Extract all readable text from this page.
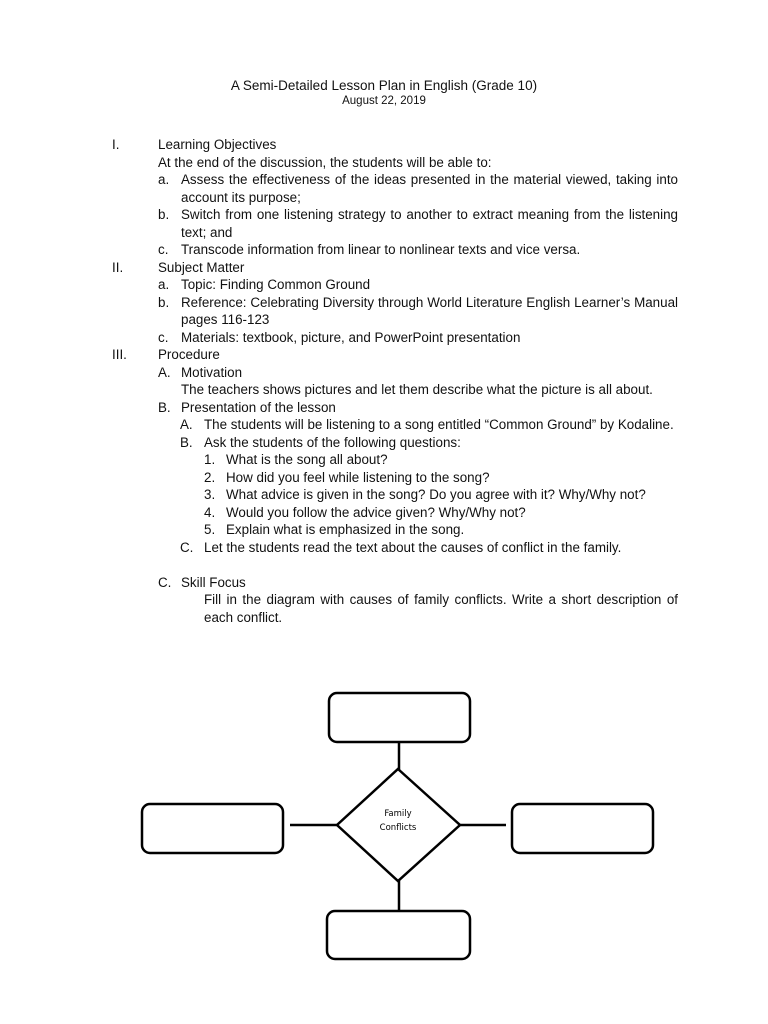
A Semi-Detailed Lesson Plan in English (Grade 10)
August 22, 2019
I.	Learning Objectives
At the end of the discussion, the students will be able to:
a. Assess the effectiveness of the ideas presented in the material viewed, taking into account its purpose;
b. Switch from one listening strategy to another to extract meaning from the listening text; and
c. Transcode information from linear to nonlinear texts and vice versa.
II.	Subject Matter
a. Topic: Finding Common Ground
b. Reference: Celebrating Diversity through World Literature English Learner’s Manual pages 116-123
c. Materials: textbook, picture, and PowerPoint presentation
III. Procedure
A. Motivation
The teachers shows pictures and let them describe what the picture is all about.
B. Presentation of the lesson
A. The students will be listening to a song entitled “Common Ground” by Kodaline.
B. Ask the students of the following questions:
1. What is the song all about?
2. How did you feel while listening to the song?
3. What advice is given in the song? Do you agree with it? Why/Why not?
4. Would you follow the advice given? Why/Why not?
5. Explain what is emphasized in the song.
C. Let the students read the text about the causes of conflict in the family.
C. Skill Focus
Fill in the diagram with causes of family conflicts. Write a short description of each conflict.
Family
Conflicts
